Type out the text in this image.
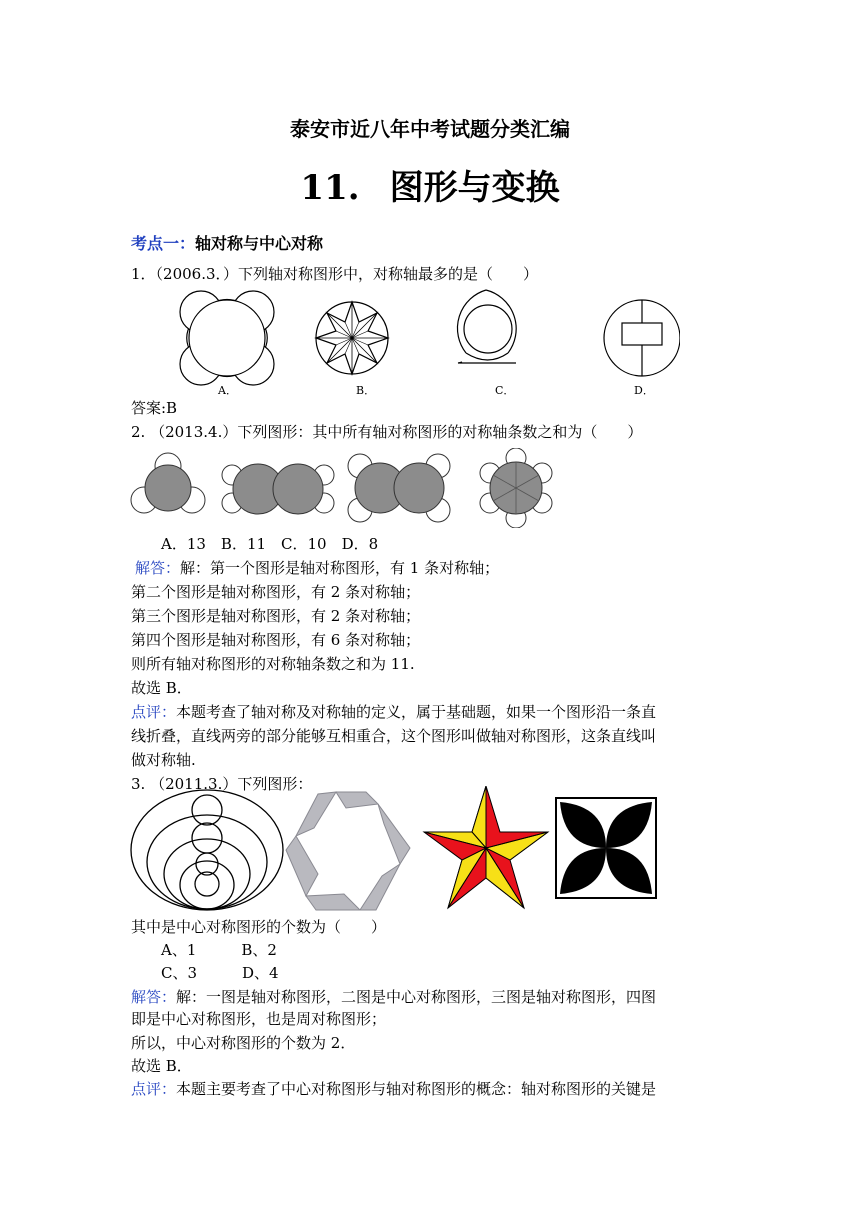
泰安市近八年中考试题分类汇编
11. 图形与变换
考点一：轴对称与中心对称
1．（2006.3．）下列轴对称图形中，对称轴最多的是（　　）
A．	B．	C．	D．
答案:B
2. （2013.4.）下列图形：其中所有轴对称图形的对称轴条数之和为（　　）
A．13　B．11　C．10　D．8
解答：解：第一个图形是轴对称图形，有 1 条对称轴；
第二个图形是轴对称图形，有 2 条对称轴；
第三个图形是轴对称图形，有 2 条对称轴；
第四个图形是轴对称图形，有 6 条对称轴；
则所有轴对称图形的对称轴条数之和为 11.
故选 B．
点评：本题考查了轴对称及对称轴的定义，属于基础题，如果一个图形沿一条直
线折叠，直线两旁的部分能够互相重合，这个图形叫做轴对称图形，这条直线叫
做对称轴.
3. （2011.3.）下列图形：
其中是中心对称图形的个数为（　　）
A、1　　　B、2
C、3　　　D、4
解答：解：一图是轴对称图形，二图是中心对称图形，三图是轴对称图形，四图
即是中心对称图形，也是周对称图形；
所以，中心对称图形的个数为 2．
故选 B．
点评：本题主要考查了中心对称图形与轴对称图形的概念：轴对称图形的关键是
